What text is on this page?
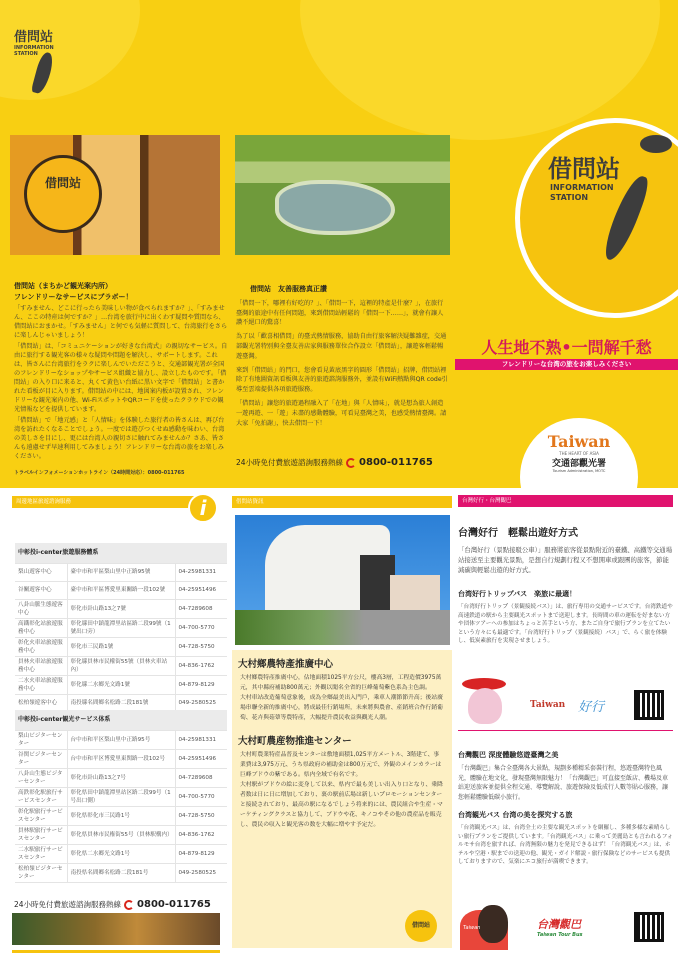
借問站
INFORMATION STATION
借問站
借問站（まちかど観光案内所）
フレンドリーなサービスにブラボー！

「すみません、どこに行ったら美味しい物が食べられますか？」、「すみません、ここの特産は何ですか？」…台湾を旅行中に出くわす疑問や質問なら、借問站におまかせ。「すみません」と何でも気軽に質問して、台湾旅行をさらに楽しんじゃいましょう！

「借問站」は、「コミュニケーションが好きな台湾式」の親切なサービス。自由に旅行する観光客の様々な疑問や問題を解決し、サポートします。これは、皆さんに台湾旅行をラクに楽しんでいただこうと、交通部観光署が全国のフレンドリーなショップやサービス組織と協力し、設立したものです。「借問站」の入り口に来ると、丸くて黄色い台紙に黒い文字で「借問站」と書かれた看板が目に入ります。借問站の中には、地図案内板が設置され、フレンドリーな観光案内の他、Wi-FiスポットやQRコードを使ったクラウドでの観光情報などを提供しています。

「借問站」で「地元感」と「人情味」を体験した旅行者の皆さんは、再び台湾を訪れたくなることでしょう。一度では遊びつくせぬ感動を味わい、台湾の美しさを目にし、更には台湾人の親切さに触れてみませんか？さあ、皆さんも遠慮せず早速利用してみましょう！フレンドリーな台湾の旅をお楽しみください。

トラベルインフォメーションホットライン（24時間対応）：0800-011765
借問站　友善服務真正讚

「借問一下，哪裡有好吃的？」、「借問一下，這裡的特產是什麼？」，在旅行臺灣的旅途中有任何問題，來到借問站輕鬆的「借問一下……」，就會有讓人讚不絕口的驚喜！

為了以「歡喜相借問」的臺式熱情服務，協助自由行旅客解決疑難雜症，交通部觀光署特別與全臺友善店家與服務單位合作設立「借問站」，讓遊客輕鬆暢遊臺灣。

來到「借問站」的門口，您會看見黃底黑字的圓形「借問站」招牌，借問站裡除了有地圖資訊看板與友善的旅遊諮詢服務外，並設有WiFi熱點與QR code引導至雲端提供各項旅遊服務。

「借問站」讓您的旅遊過程融入了「在地」與「人情味」，就是想為旅人創造一遊再遊、一「遊」未盡的感動體驗，可看見臺灣之美，也感受熱情臺灣。請大家「免拍謝」，快去借問一下！

24小時免付費旅遊諮詢服務熱線 0800-011765
借問站
INFORMATION STATION
人生地不熟•一問解千愁
フレンドリーな台湾の旅をお楽しみください
Taiwan
THE HEART OF ASIA
交通部觀光署
Tourism Administration, MOTC
周邊地區旅遊諮詢服務	i
中彰投i-center旅遊服務體系		
梨山遊客中心	臺中市和平區梨山里中正路95號	04-25981331
谷關遊客中心	臺中市和平區博愛里東關路一段102號	04-25951496
八卦山脈生態遊客中心	彰化市卦山路13之7號	04-7289608
高鐵彰化站旅遊服務中心	彰化縣田中鎮龍潭里站區路二段99號（1號出口旁）	04-700-5770
彰化火車站旅遊服務中心	彰化市三民路1號	04-728-5750
員林火車站旅遊服務中心	彰化縣員林市民權街55號（員林火車站內）	04-836-1762
二水火車站旅遊服務中心	彰化縣二水鄉光文路1號	04-879-8129
松柏嶺遊客中心	南投縣名間鄉名松路二段181號	049-2580525
中彰投i-center観光サービス体系		
梨山ビジターセンター	台中市和平区梨山里中正路95号	04-25981331
谷関ビジターセンター	台中市和平区博愛里東関路一段102号	04-25951496
八卦山生態ビジターセンター	彰化市卦山路13之7号	04-7289608
高鉄彰化駅旅行サービスセンター	彰化県田中鎮龍潭里站区路二段99号（1号出口側）	04-700-5770
彰化駅旅行サービスセンター	彰化県彰化市三民路1号	04-728-5750
員林駅旅行サービスセンター	彰化県員林市民権街55号（員林駅構内）	04-836-1762
二水駅旅行サービスセンター	彰化県二水郷光文路1号	04-879-8129
松柏嶺ビジターセンター	南投県名間郷名松路二段181号	049-2580525
24小時免付費旅遊諮詢服務熱線 0800-011765
借問站資訊
大村鄉農特產推廣中心
大村鄉農特產推廣中心，佔地面積1025平方公尺，樓高3層，工程造價3975萬元，其中縣府補助800萬元；外觀以聞名全省的巨峰葡萄紫色系為主色調。
大村車站改造葡萄意象後，成為全鄉最美出入門戶，乘車人潮節節升高；後站廣場串聯全新的推廣中心，將成最佳行銷場所，未來將與農會、產銷班合作行銷葡萄、花卉與菇蕈等農特產，大幅提升農民收益與觀光人潮。
大村町農産物推進センター
大村町農業特産品普及センターは敷地面積1,025平方メートル、3階建て、事業費は3,975万元、うち県政府の補助金は800万元で、外観のメインカラーは巨峰ブドウの紫である。県内全域で有名です。
大村駅がブドウの絵に変身して以来、県内で最も美しい出入り口となり、乗降者数は日に日に増加しており、裏の駅前広場は新しいプロモーションセンターと接続されており、最高の駅になるでしょう将来的には、農民組合や生産・マーケティングクラスと協力して、ブドウや花、キノコやその他の農産品を販売し、農民の収入と観光客の数を大幅に増やす予定だ。
借問站
台灣好行・台灣觀巴
台灣好行　輕鬆出遊好方式
「台灣好行（景點接駁公車）」服務將旅客從景點附近的臺鐵、高鐵等交通場站接送至主要觀光景點，是想自行規劃行程又不想開車或跟團的旅客，節能減碳與輕鬆出遊的好方式。
台湾好行トリップバス　楽旅に最適！
「台湾好行トリップ（景観接続バス）」は、旅行専用の交通サービスです。台湾鉄道や高速鉄道の駅から主要観光スポットまで送迎します。長時間の車の運転を好まない方や団体ツアーへの参加はちょっと苦手という方、またご自身で旅行プランを立てたいという方々にも最適です。「台湾好行トリップ（景観接続）バス」で、らく旅を体験し、低炭素旅行を実現させましょう。
Taiwan 好行
台灣觀巴 深度體驗悠遊臺灣之美
「台灣觀巴」集合全臺灣各大景點，規劃多種精采套裝行程，悠遊臺灣特色風光，體驗在地文化，發現臺灣無限魅力！「台灣觀巴」可直接至飯店、機場及車站迎送旅客並提供全程交通、導覽解說、旅遊保險及低成行人數等貼心服務，讓您輕鬆體驗低碳小旅行。
台湾観光バス 台湾の美を探究する旅
「台湾観光バス」は、台湾全土の主要な観光スポットを網羅し、多種多様な素晴らしい旅行プランをご提供しています。「台湾観光バス」に乗って美麗島とも言われるフォルモサ台湾を旅すれば、台湾無限の魅力を発見できるはず！「台湾観光バス」は、ホテルや空港・駅までの送迎の他、観光・ガイド解説・旅行保険などのサービスも提供しておりますので、気楽にエコ旅行が満喫できます。
Taiwan	台灣觀巴
Taiwan Tour Bus
